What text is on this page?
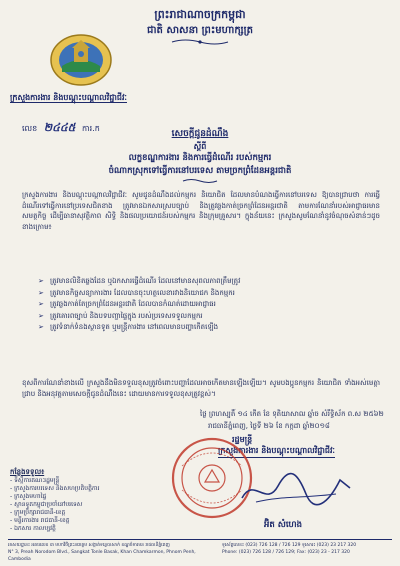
ព្រះរាជាណាចក្រកម្ពុជា
ជាតិ សាសនា ព្រះមហាក្សត្រ
ក្រសួងការងារ និងបណ្តុះបណ្តាលវិជ្ជាជីវៈ
លេខ ២៤៤៥ ការ.ក
សេចក្តីជូនដំណឹង
ស្តីពី
លក្ខខណ្ឌការងារ និងការធ្វើដំណើរ របស់កម្មករ
ចំណាកស្រុកទៅធ្វើការនៅបរទេស តាមច្រកព្រំដែនអន្តរជាតិ
ក្រសួងការងារ និងបណ្តុះបណ្តាលវិជ្ជាជីវៈ សូមជូនដំណឹងដល់កម្មករ និយោជិត ដែលមានបំណងធ្វើការនៅបរទេស ឱ្យបានជ្រាបថា ការធ្វើដំណើរទៅធ្វើការនៅប្រទេសជិតខាង ត្រូវមានឯកសារស្របច្បាប់ និងត្រូវឆ្លងកាត់ច្រកព្រំដែនអន្តរជាតិ តាមការណែនាំរបស់អាជ្ញាធរមានសមត្ថកិច្ច ដើម្បីធានាសុវត្ថិភាព សិទ្ធិ និងផលប្រយោជន៍របស់កម្មករ និងក្រុមគ្រួសារ។ ក្នុងន័យនេះ ក្រសួងសូមណែនាំនូវចំណុចសំខាន់ៗដូចខាងក្រោម៖
➢ ត្រូវមានលិខិតឆ្លងដែន ឬឯកសារធ្វើដំណើរ ដែលនៅមានសុពលភាពត្រឹមត្រូវ
➢ ត្រូវមានកិច្ចសន្យាការងារ ដែលបានចុះហត្ថលេខារវាងនិយោជក និងកម្មករ
➢ ត្រូវឆ្លងកាត់តែច្រកព្រំដែនអន្តរជាតិ ដែលបានកំណត់ដោយអាជ្ញាធរ
➢ ត្រូវគោរពច្បាប់ និងបទបញ្ជាផ្ទៃក្នុង របស់ប្រទេសទទួលកម្មករ
➢ ត្រូវទំនាក់ទំនងស្ថានទូត ឬមន្ត្រីការងារ នៅពេលមានបញ្ហាកើតឡើង
ខុសពីការណែនាំខាងលើ ក្រសួងនឹងមិនទទួលខុសត្រូវចំពោះបញ្ហាដែលអាចកើតមានឡើងឡើយ។ សូមបងប្អូនកម្មករ និយោជិត ទាំងអស់មេត្តាជ្រាប និងអនុវត្តតាមសេចក្តីជូនដំណឹងនេះ ដោយមានការទទួលខុសត្រូវខ្ពស់។
ថ្ងៃ ព្រហស្បតិ៍ ១៤ កើត ខែ ទុតិយាសាឍ ឆ្នាំច សំរឹទ្ធិស័ក ព.ស ២៥៦២
រាជធានីភ្នំពេញ, ថ្ងៃទី ២៦ ខែ កក្កដា ឆ្នាំ២០១៨
រដ្ឋមន្ត្រី
ក្រសួងការងារ និងបណ្តុះបណ្តាលវិជ្ជាជីវៈ
អ៊ិត សំហេង
កន្លែងទទួល៖
- ទីស្តីការគណៈរដ្ឋមន្ត្រី
- ក្រសួងការបរទេស និងសហប្រតិបត្តិការ
- ក្រសួងមហាផ្ទៃ
- ស្ថានទូតកម្ពុជាប្រចាំនៅបរទេស
- ក្រុមប្រឹក្សារាជធានី-ខេត្ត
- មន្ទីរការងារ រាជធានី-ខេត្ត
- ឯកសារ កាលប្បវត្តិ
អាសយដ្ឋាន៖ អគារលេខ ៣ មហាវិថីព្រះនរោត្តម សង្កាត់ទន្លេបាសាក់ ខណ្ឌចំការមន រាជធានីភ្នំពេញ
N° 3, Preah Norodom Blvd., Sangkat Tonle Basak, Khan Chamkarmon, Phnom Penh, Cambodia
ទូរស័ព្ទលេខ៖ (023) 726 128 / 726 129 ទូរសារ៖ (023) 23 217 320
Phone: (023) 726 128 / 726 129; Fax: (023) 23 - 217 320
